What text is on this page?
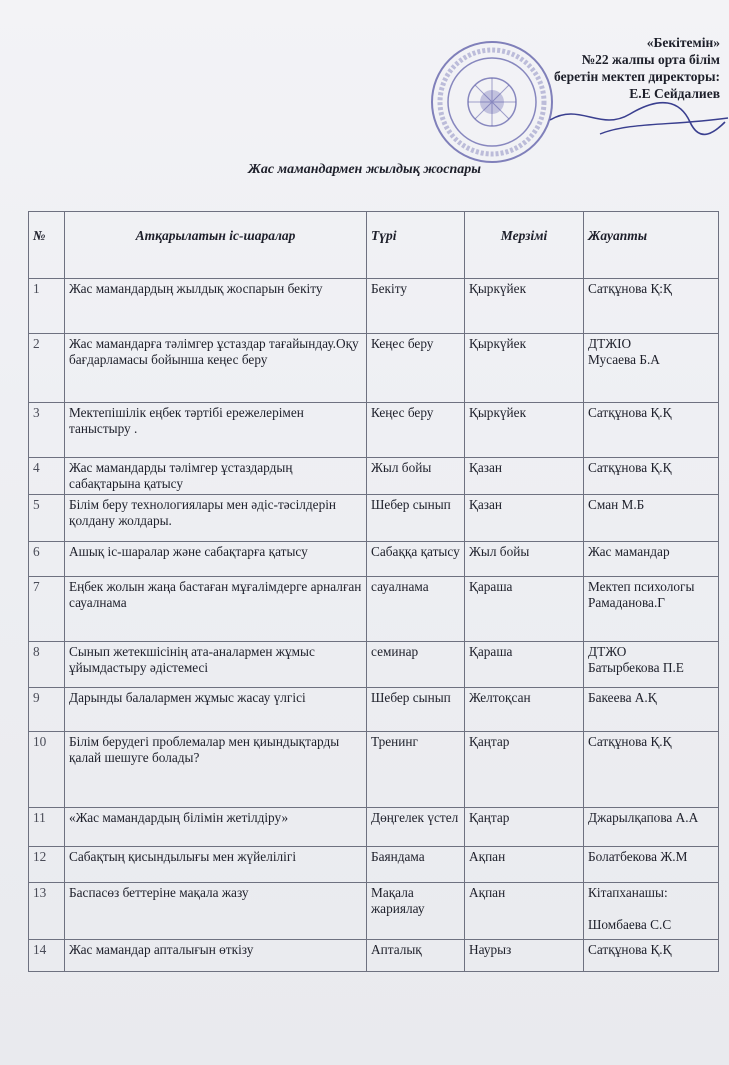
«Бекітемін»
№22 жалпы орта білім
беретін мектеп директоры:
Е.Е Сейдалиев
Жас мамандармен жылдық жоспары
№	Атқарылатын іс-шаралар	Түрі	Мерзімі	Жауапты
1	Жас мамандардың жылдық жоспарын бекіту	Бекіту	Қыркүйек	Сатқұнова Қ:Қ
2	Жас мамандарға тәлімгер ұстаздар тағайындау.Оқу бағдарламасы бойынша кеңес беру	Кеңес беру	Қыркүйек	ДТЖІО
Мусаева Б.А
3	Мектепішілік еңбек тәртібі ережелерімен таныстыру .	Кеңес беру	Қыркүйек	Сатқұнова Қ.Қ
4	Жас мамандарды тәлімгер ұстаздардың сабақтарына қатысу	Жыл бойы	Қазан	Сатқұнова Қ.Қ
5	Білім беру технологиялары мен әдіс-тәсілдерін қолдану жолдары.	Шебер сынып	Қазан	Сман М.Б
6	Ашық іс-шаралар және сабақтарға қатысу	Сабаққа қатысу	Жыл бойы	Жас мамандар
7	Еңбек жолын жаңа бастаған мұғалімдерге арналған сауалнама	сауалнама	Қараша	Мектеп психологы Рамаданова.Г
8	Сынып жетекшісінің ата-аналармен жұмыс ұйымдастыру әдістемесі	семинар	Қараша	ДТЖО
Батырбекова П.Е
9	Дарынды балалармен жұмыс жасау үлгісі	Шебер сынып	Желтоқсан	Бакеева А.Қ
10	Білім берудегі проблемалар мен қиындықтарды қалай шешуге болады?	Тренинг	Қаңтар	Сатқұнова Қ.Қ
11	«Жас мамандардың білімін жетілдіру»	Дөңгелек үстел	Қаңтар	Джарылқапова А.А
12	Сабақтың қисындылығы мен жүйелілігі	Баяндама	Ақпан	Болатбекова Ж.М
13	Баспасөз беттеріне мақала жазу	Мақала жариялау	Ақпан	Кітапханашы:

Шомбаева С.С
14	Жас мамандар апталығын өткізу	Апталық	Наурыз	Сатқұнова Қ.Қ
